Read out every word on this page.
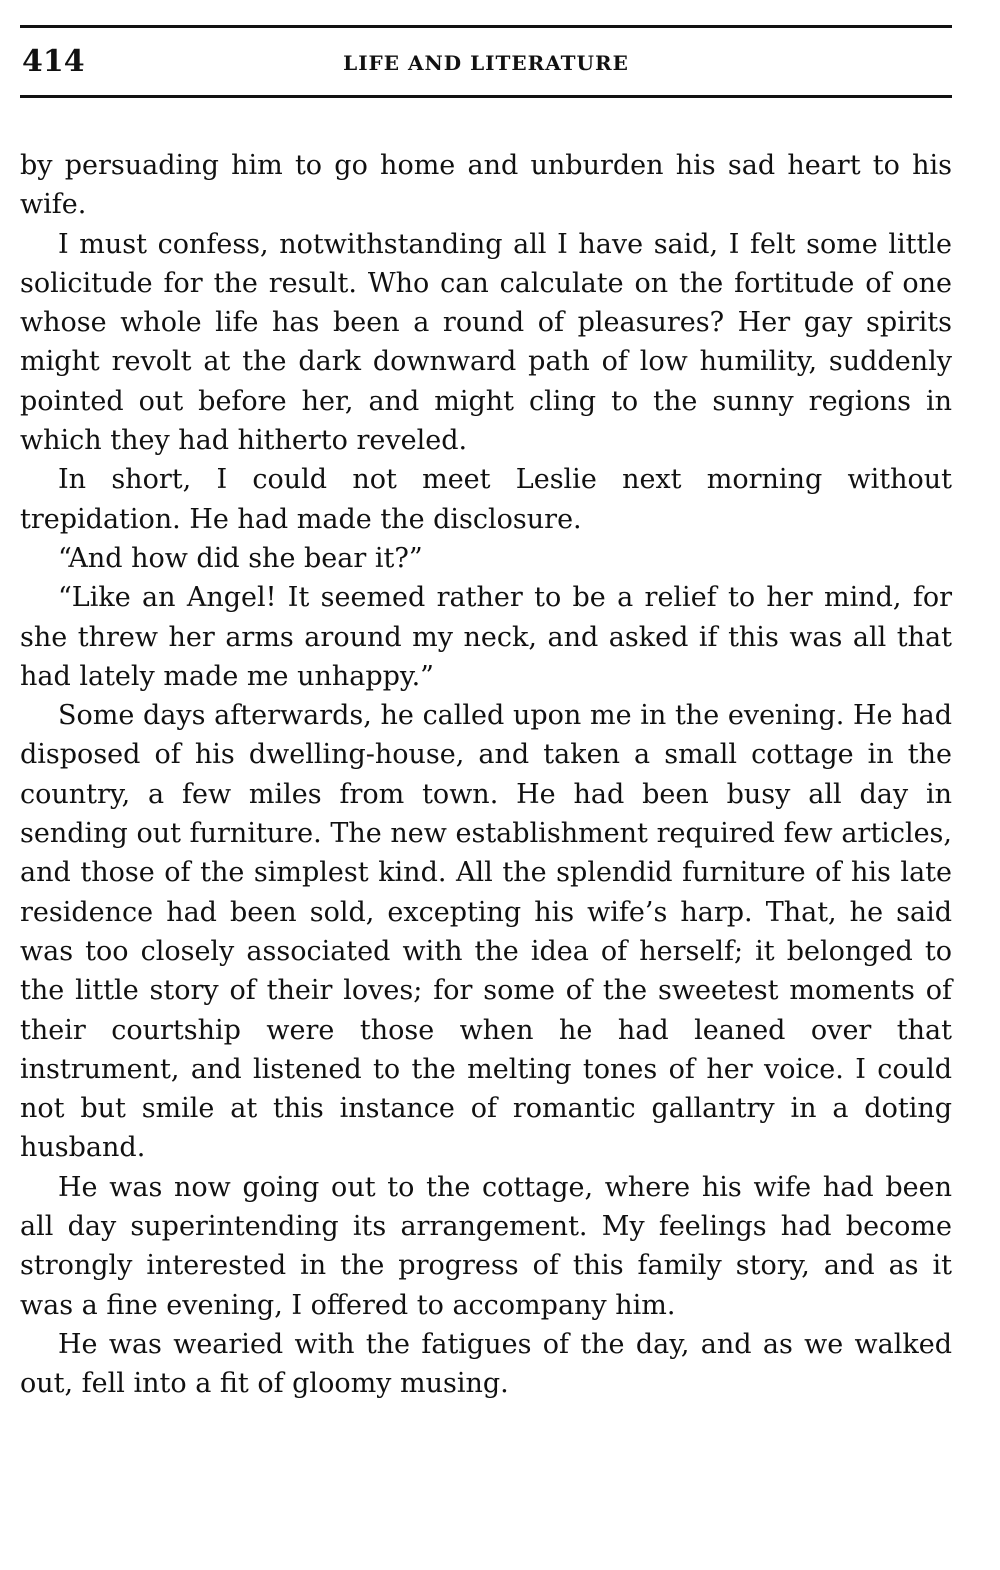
414	LIFE AND LITERATURE

by persuading him to go home and unburden his sad heart to his wife.

I must confess, notwithstanding all I have said, I felt some little solicitude for the result. Who can calculate on the fortitude of one whose whole life has been a round of pleasures? Her gay spirits might revolt at the dark downward path of low humility, suddenly pointed out before her, and might cling to the sunny regions in which they had hitherto reveled.

In short, I could not meet Leslie next morning without trepidation. He had made the disclosure.

“And how did she bear it?”

“Like an Angel! It seemed rather to be a relief to her mind, for she threw her arms around my neck, and asked if this was all that had lately made me unhappy.”

Some days afterwards, he called upon me in the evening. He had disposed of his dwelling-house, and taken a small cottage in the country, a few miles from town. He had been busy all day in sending out furniture. The new establishment required few articles, and those of the simplest kind. All the splendid furniture of his late residence had been sold, excepting his wife’s harp. That, he said was too closely associated with the idea of herself; it belonged to the little story of their loves; for some of the sweetest moments of their courtship were those when he had leaned over that instrument, and listened to the melting tones of her voice. I could not but smile at this instance of romantic gallantry in a doting husband.

He was now going out to the cottage, where his wife had been all day superintending its arrangement. My feelings had become strongly interested in the progress of this family story, and as it was a fine evening, I offered to accompany him.

He was wearied with the fatigues of the day, and as we walked out, fell into a fit of gloomy musing.
